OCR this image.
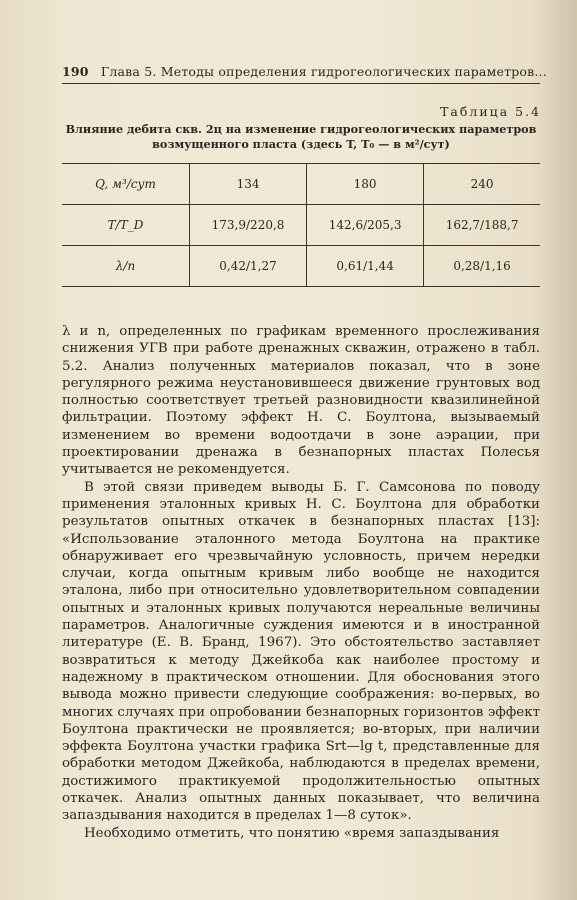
190 Глава 5. Методы определения гидрогеологических параметров...
Таблица 5.4
Влияние дебита скв. 2ц на изменение гидрогеологических параметров
возмущенного пласта (здесь T, T₀ — в м²/сут)
Q, м³/сут	134	180	240
T/T_D	173,9/220,8	142,6/205,3	162,7/188,7
λ/n	0,42/1,27	0,61/1,44	0,28/1,16

λ и n, определенных по графикам временного прослеживания снижения УГВ при работе дренажных скважин, отражено в табл. 5.2. Анализ полученных материалов показал, что в зоне регулярного режима неустановившееся движение грунтовых вод полностью соответствует третьей разновидности квазилинейной фильтрации. Поэтому эффект Н. С. Боултона, вызываемый изменением во времени водоотдачи в зоне аэрации, при проектировании дренажа в безнапорных пластах Полесья учитывается не рекомендуется.

В этой связи приведем выводы Б. Г. Самсонова по поводу применения эталонных кривых Н. С. Боултона для обработки результатов опытных откачек в безнапорных пластах [13]: «Использование эталонного метода Боултона на практике обнаруживает его чрезвычайную условность, причем нередки случаи, когда опытным кривым либо вообще не находится эталона, либо при относительно удовлетворительном совпадении опытных и эталонных кривых получаются нереальные величины параметров. Аналогичные суждения имеются и в иностранной литературе (Е. В. Бранд, 1967). Это обстоятельство заставляет возвратиться к методу Джейкоба как наиболее простому и надежному в практическом отношении. Для обоснования этого вывода можно привести следующие соображения: во-первых, во многих случаях при опробовании безнапорных горизонтов эффект Боултона практически не проявляется; во-вторых, при наличии эффекта Боултона участки графика Srt—lg t, представленные для обработки методом Джейкоба, наблюдаются в пределах времени, достижимого практикуемой продолжительностью опытных откачек. Анализ опытных данных показывает, что величина запаздывания находится в пределах 1—8 суток».

Необходимо отметить, что понятию «время запаздывания
